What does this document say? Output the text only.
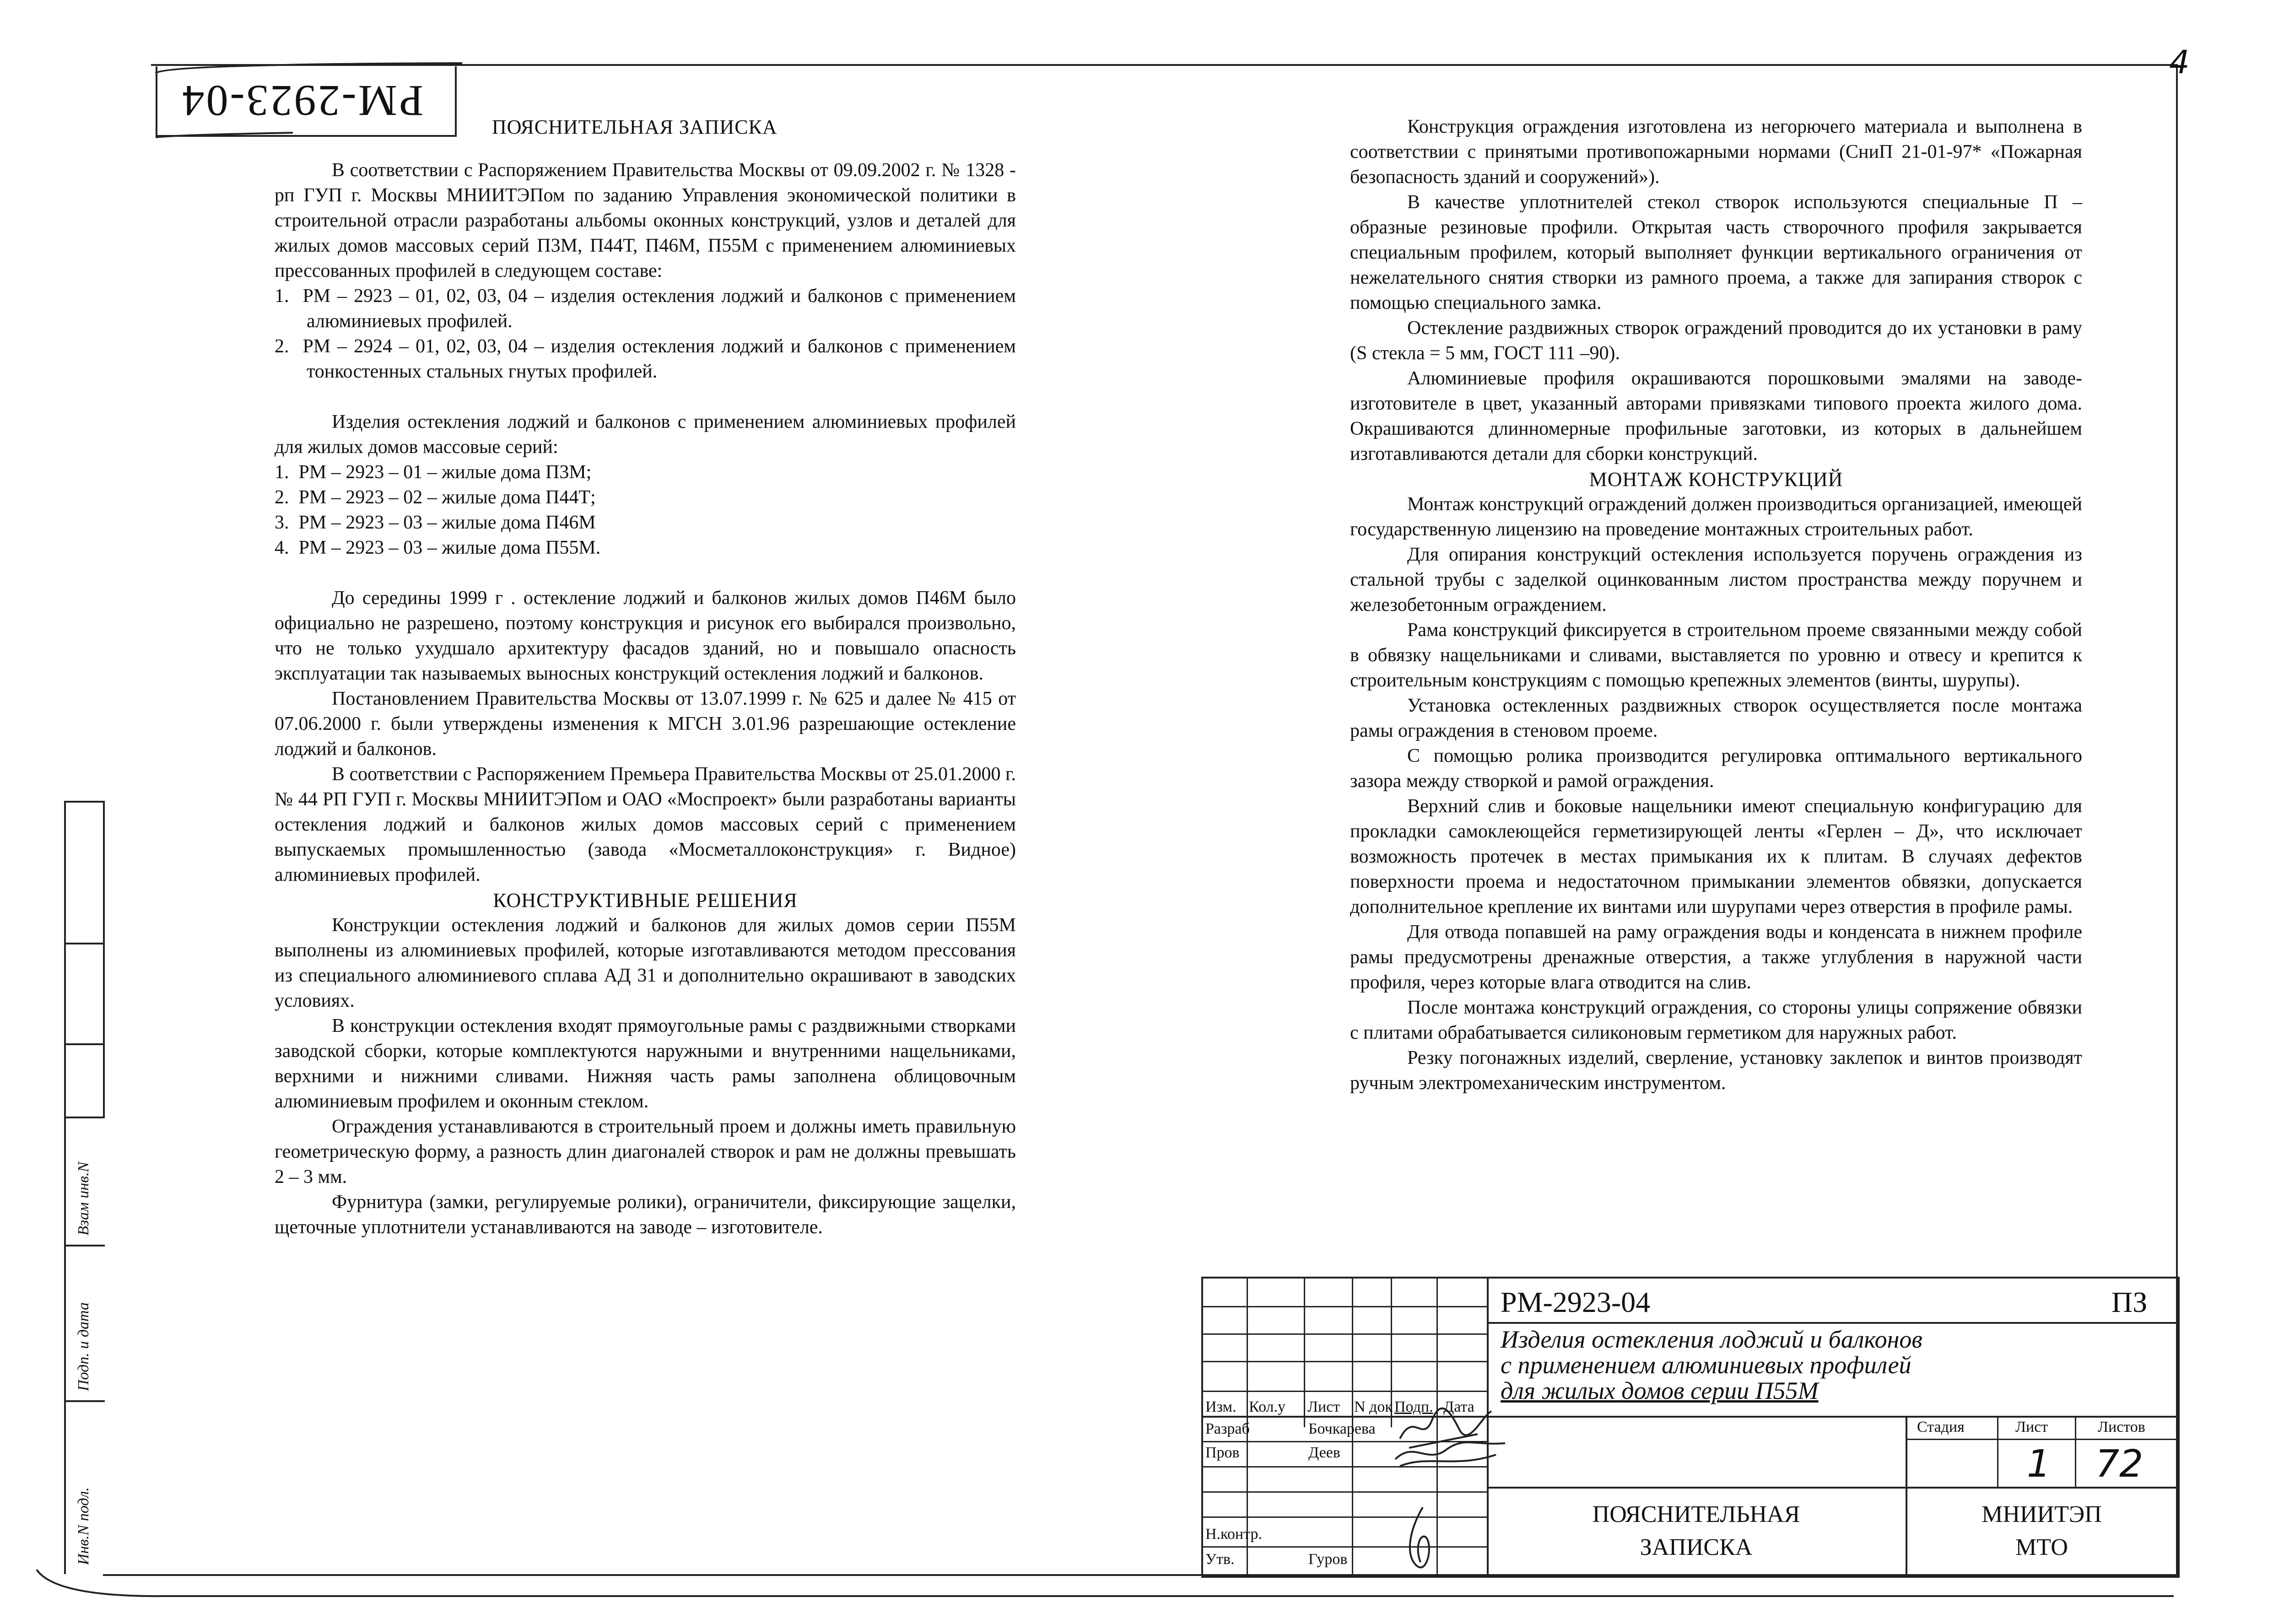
РМ-2923-04
4

ПОЯСНИТЕЛЬНАЯ ЗАПИСКА

В соответствии с Распоряжением Правительства Москвы от 09.09.2002 г. № 1328 - рп ГУП г. Москвы МНИИТЭПом по заданию Управления экономической политики в строительной отрасли разработаны альбомы оконных конструкций, узлов и деталей для жилых домов массовых серий П3М, П44Т, П46М, П55М с применением алюминиевых прессованных профилей в следующем составе:

1.  РМ – 2923 – 01, 02, 03, 04 – изделия остекления лоджий и балконов с применением алюминиевых профилей.

2.  РМ – 2924 – 01, 02, 03, 04 – изделия остекления лоджий и балконов с применением тонкостенных стальных гнутых профилей.

Изделия остекления лоджий и балконов с применением алюминиевых профилей для жилых домов массовые серий:

1.  РМ – 2923 – 01 – жилые дома П3М;

2.  РМ – 2923 – 02 – жилые дома П44Т;

3.  РМ – 2923 – 03 – жилые дома П46М

4.  РМ – 2923 – 03 – жилые дома П55М.

До середины 1999 г . остекление лоджий и балконов жилых домов П46М было официально не разрешено, поэтому конструкция и рисунок его выбирался произвольно, что не только ухудшало архитектуру фасадов зданий, но и повышало опасность эксплуатации так называемых выносных конструкций остекления лоджий и балконов.

Постановлением Правительства Москвы от 13.07.1999 г. № 625 и далее № 415 от 07.06.2000 г. были утверждены изменения к МГСН 3.01.96 разрешающие остекление лоджий и балконов.

В соответствии с Распоряжением Премьера Правительства Москвы от 25.01.2000 г. № 44 РП ГУП г. Москвы МНИИТЭПом и ОАО «Моспроект» были разработаны варианты остекления лоджий и балконов жилых домов массовых серий с применением выпускаемых промышленностью (завода «Мосметаллоконструкция» г. Видное) алюминиевых профилей.

КОНСТРУКТИВНЫЕ РЕШЕНИЯ

Конструкции остекления лоджий и балконов для жилых домов серии П55М выполнены из алюминиевых профилей, которые изготавливаются методом прессования из специального алюминиевого сплава АД 31 и дополнительно окрашивают в заводских условиях.

В конструкции остекления входят прямоугольные рамы с раздвижными створками заводской сборки, которые комплектуются наружными и внутренними нащельниками, верхними и нижними сливами. Нижняя часть рамы заполнена облицовочным алюминиевым профилем и оконным стеклом.

Ограждения устанавливаются в строительный проем и должны иметь правильную геометрическую форму, а разность длин диагоналей створок и рам не должны превышать 2 – 3 мм.

Фурнитура (замки, регулируемые ролики), ограничители, фиксирующие защелки, щеточные уплотнители устанавливаются на заводе – изготовителе.

Конструкция ограждения изготовлена из негорючего материала и выполнена в соответствии с принятыми противопожарными нормами (СниП 21-01-97* «Пожарная безопасность зданий и сооружений»).

В качестве уплотнителей стекол створок используются специальные П – образные резиновые профили. Открытая часть створочного профиля закрывается специальным профилем, который выполняет функции вертикального ограничения от нежелательного снятия створки из рамного проема, а также для запирания створок с помощью специального замка.

Остекление раздвижных створок ограждений проводится до их установки в раму (S стекла = 5 мм, ГОСТ 111 –90).

Алюминиевые профиля окрашиваются порошковыми эмалями на заводе-изготовителе в цвет, указанный авторами привязками типового проекта жилого дома. Окрашиваются длинномерные профильные заготовки, из которых в дальнейшем изготавливаются детали для сборки конструкций.

МОНТАЖ КОНСТРУКЦИЙ

Монтаж конструкций ограждений должен производиться организацией, имеющей государственную лицензию на проведение монтажных строительных работ.

Для опирания конструкций остекления используется поручень ограждения из стальной трубы с заделкой оцинкованным листом пространства между поручнем и железобетонным ограждением.

Рама конструкций фиксируется в строительном проеме связанными между собой в обвязку нащельниками и сливами, выставляется по уровню и отвесу и крепится к строительным конструкциям с помощью крепежных элементов (винты, шурупы).

Установка остекленных раздвижных створок осуществляется после монтажа рамы ограждения в стеновом проеме.

С помощью ролика производится регулировка оптимального вертикального зазора между створкой и рамой ограждения.

Верхний слив и боковые нащельники имеют специальную конфигурацию для прокладки самоклеющейся герметизирующей ленты «Герлен – Д», что исключает возможность протечек в местах примыкания их к плитам. В случаях дефектов поверхности проема и недостаточном примыкании элементов обвязки, допускается дополнительное крепление их винтами или шурупами через отверстия в профиле рамы.

Для отвода попавшей на раму ограждения воды и конденсата в нижнем профиле рамы предусмотрены дренажные отверстия, а также углубления в наружной части профиля, через которые влага отводится на слив.

После монтажа конструкций ограждения, со стороны улицы сопряжение обвязки с плитами обрабатывается силиконовым герметиком для наружных работ.

Резку погонажных изделий, сверление, установку заклепок и винтов производят ручным электромеханическим инструментом.

Взам инв.N
Подп. и дата
Инв.N подл.
Изм. Кол.у Лист N док Подп. Дата
Разраб	Бочкарева
Пров	Деев
Н.контр.
Утв.	Гуров
РМ-2923-04	ПЗ
Изделия остекления лоджий и балконов
с применением алюминиевых профилей
для жилых домов серии П55М
Стадия	Лист	Листов
1 72
ПОЯСНИТЕЛЬНАЯ
ЗАПИСКА
МНИИТЭП
МТО
